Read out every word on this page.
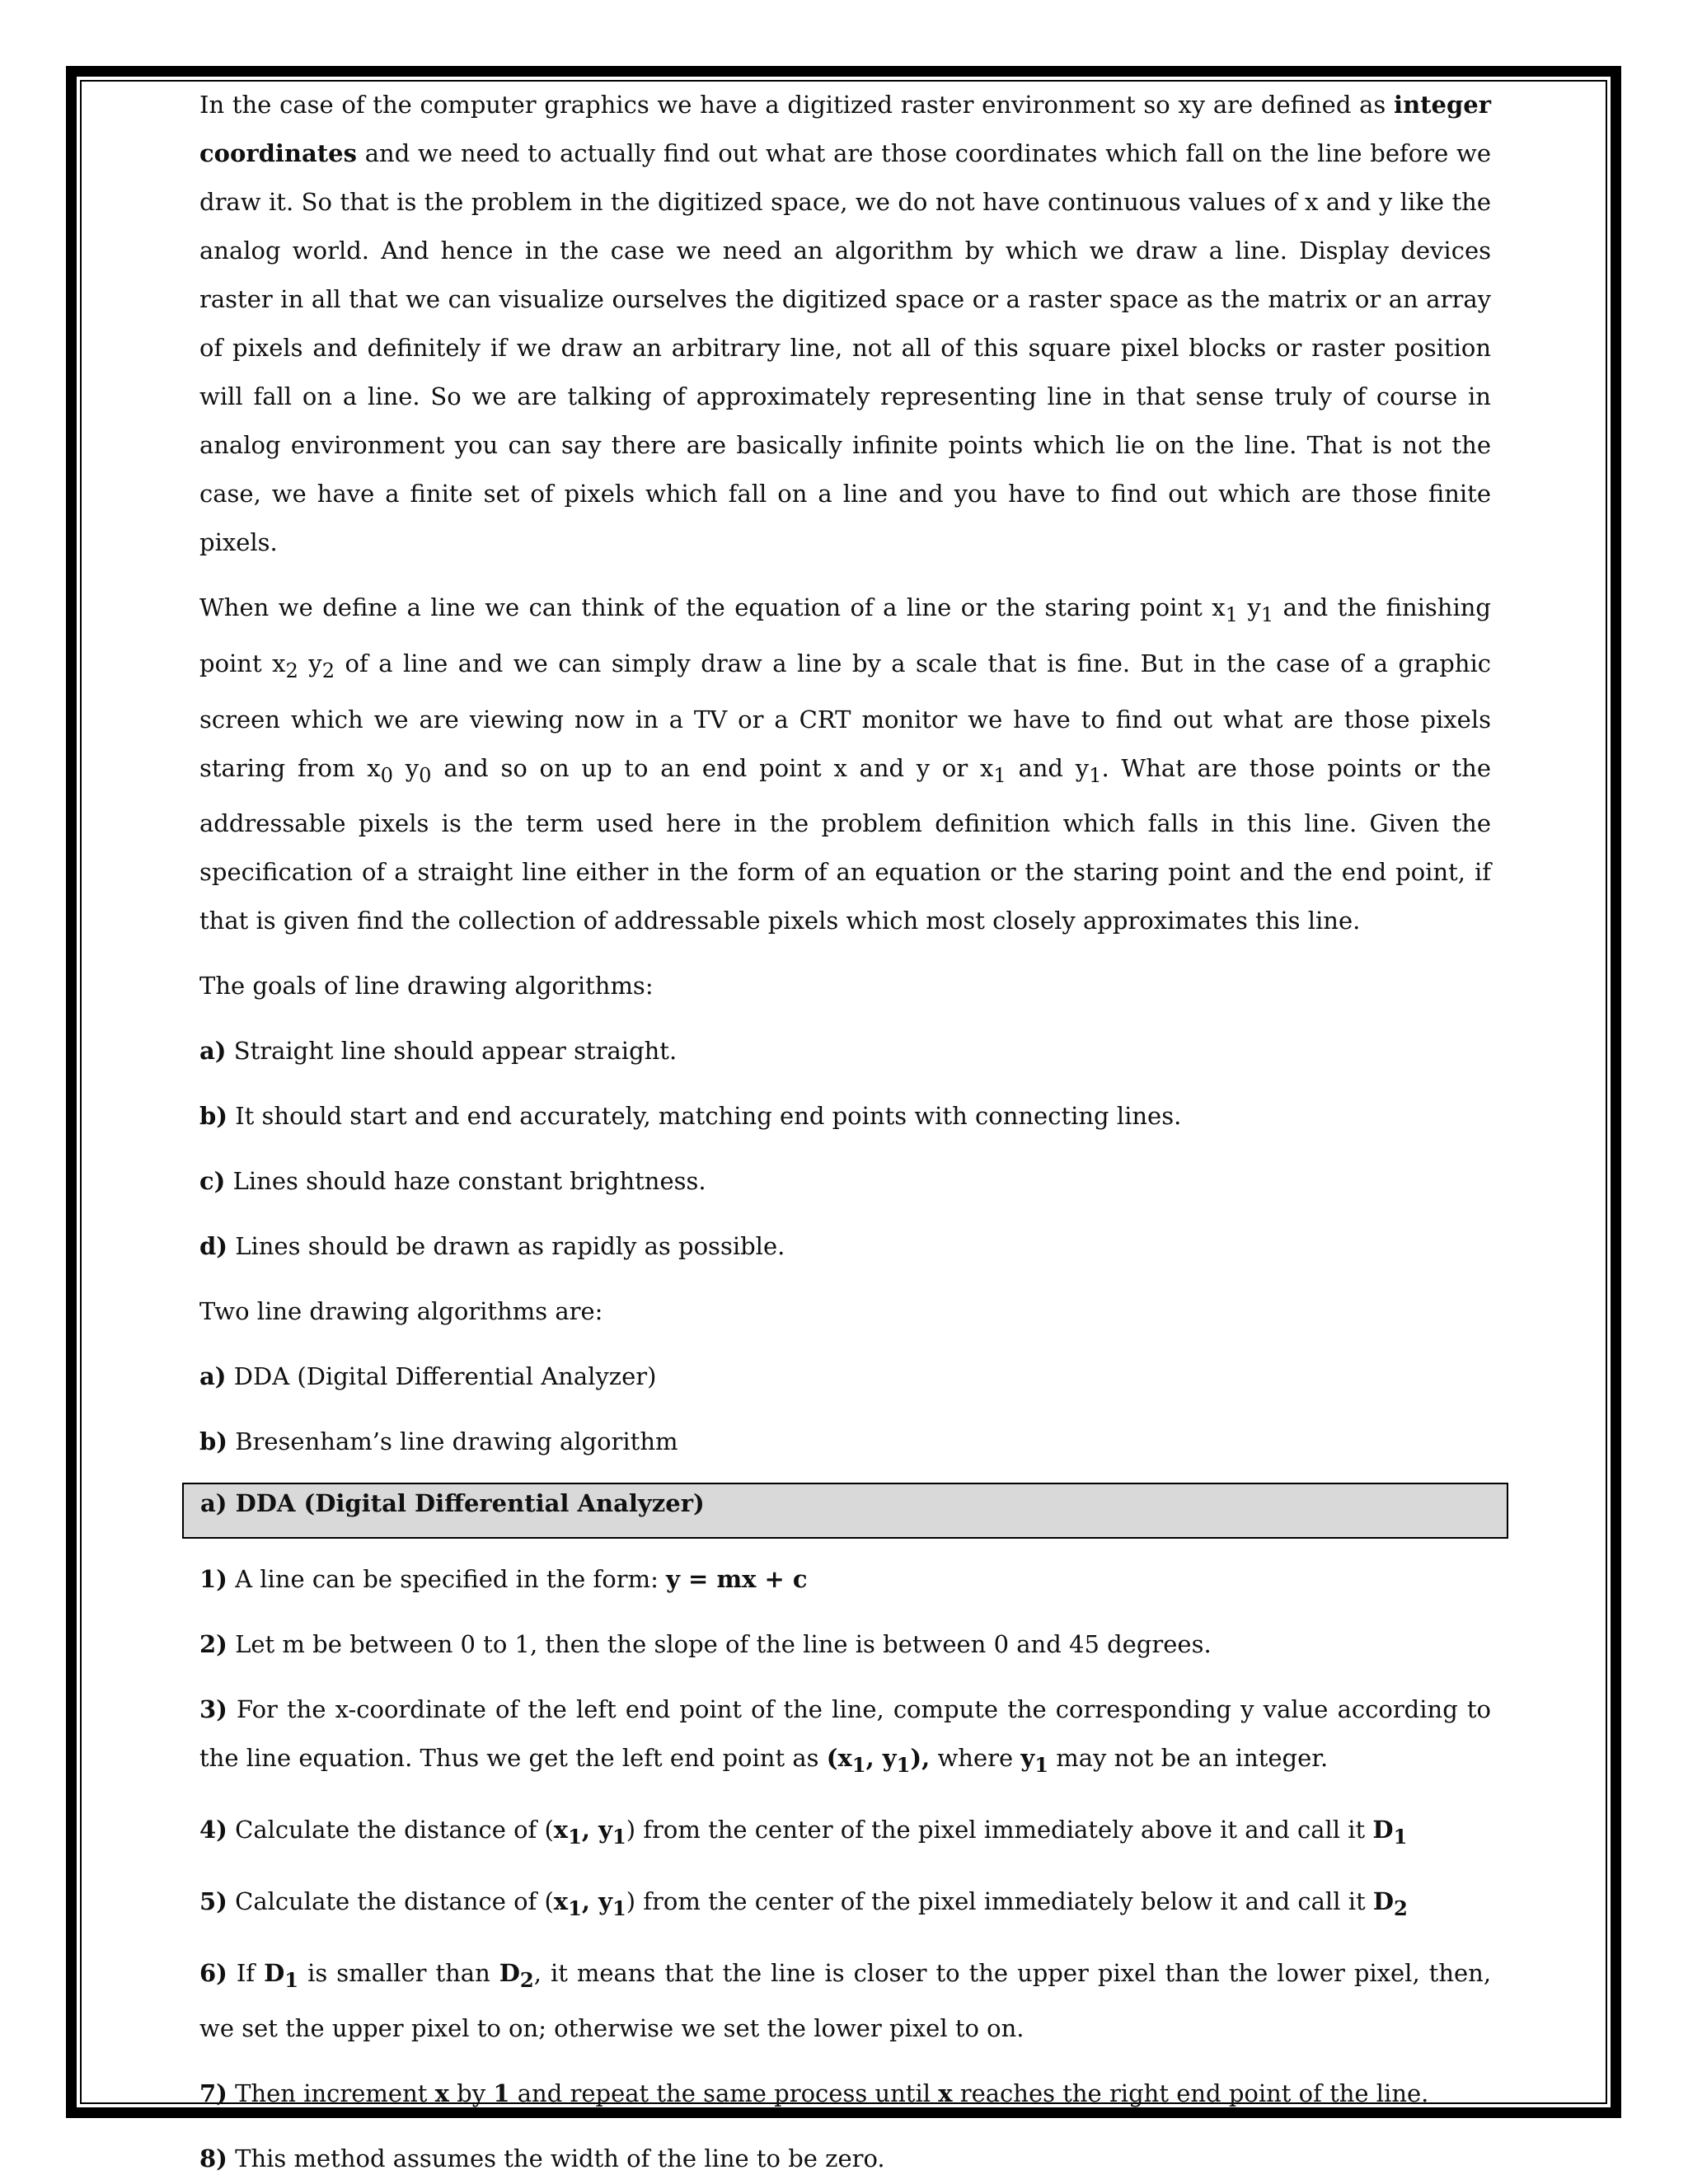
In the case of the computer graphics we have a digitized raster environment so xy are defined as integer coordinates and we need to actually find out what are those coordinates which fall on the line before we draw it. So that is the problem in the digitized space, we do not have continuous values of x and y like the analog world. And hence in the case we need an algorithm by which we draw a line. Display devices raster in all that we can visualize ourselves the digitized space or a raster space as the matrix or an array of pixels and definitely if we draw an arbitrary line, not all of this square pixel blocks or raster position will fall on a line. So we are talking of approximately representing line in that sense truly of course in analog environment you can say there are basically infinite points which lie on the line. That is not the case, we have a finite set of pixels which fall on a line and you have to find out which are those finite pixels.

When we define a line we can think of the equation of a line or the staring point $x_1$ $y_1$ and the finishing point $x_2$ $y_2$ of a line and we can simply draw a line by a scale that is fine. But in the case of a graphic screen which we are viewing now in a TV or a CRT monitor we have to find out what are those pixels staring from $x_0$ $y_0$ and so on up to an end point x and y or $x_1$ and $y_1$. What are those points or the addressable pixels is the term used here in the problem definition which falls in this line. Given the specification of a straight line either in the form of an equation or the staring point and the end point, if that is given find the collection of addressable pixels which most closely approximates this line.

The goals of line drawing algorithms:

a) Straight line should appear straight.

b) It should start and end accurately, matching end points with connecting lines.

c) Lines should haze constant brightness.

d) Lines should be drawn as rapidly as possible.

Two line drawing algorithms are:

a) DDA (Digital Differential Analyzer)

b) Bresenham’s line drawing algorithm

a) DDA (Digital Differential Analyzer)

1) A line can be specified in the form: y = mx + c

2) Let m be between 0 to 1, then the slope of the line is between 0 and 45 degrees.

3) For the x-coordinate of the left end point of the line, compute the corresponding y value according to the line equation. Thus we get the left end point as ($x_1$, $y_1$), where $y_1$ may not be an integer.

4) Calculate the distance of ($x_1$, $y_1$) from the center of the pixel immediately above it and call it $D_1$

5) Calculate the distance of ($x_1$, $y_1$) from the center of the pixel immediately below it and call it $D_2$

6) If $D_1$ is smaller than $D_2$, it means that the line is closer to the upper pixel than the lower pixel, then, we set the upper pixel to on; otherwise we set the lower pixel to on.

7) Then increment x by 1 and repeat the same process until x reaches the right end point of the line.

8) This method assumes the width of the line to be zero.
